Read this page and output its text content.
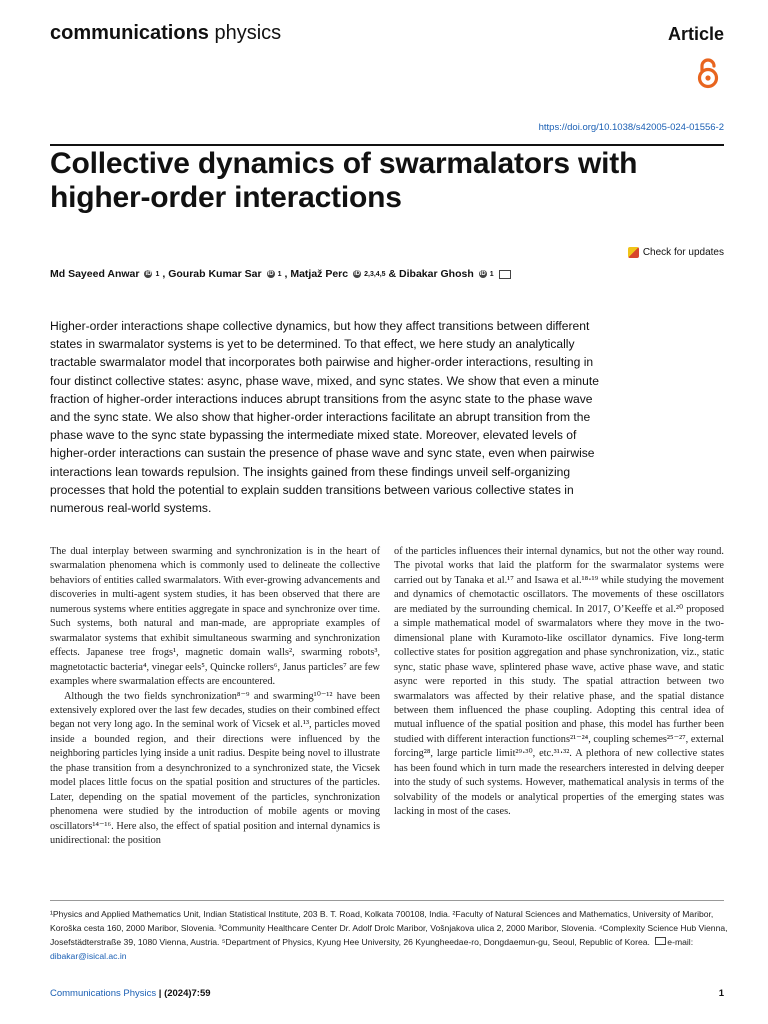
communications physics	Article
https://doi.org/10.1038/s42005-024-01556-2
Collective dynamics of swarmalators with
higher-order interactions
Check for updates
Md Sayeed Anwar iD 1 , Gourab Kumar Sar iD 1 , Matjaž Perc iD 2,3,4,5 & Dibakar Ghosh iD 1

Higher-order interactions shape collective dynamics, but how they affect transitions between different states in swarmalator systems is yet to be determined. To that effect, we here study an analytically tractable swarmalator model that incorporates both pairwise and higher-order interactions, resulting in four distinct collective states: async, phase wave, mixed, and sync states. We show that even a minute fraction of higher-order interactions induces abrupt transitions from the async state to the phase wave and the sync state. We also show that higher-order interactions facilitate an abrupt transition from the phase wave to the sync state bypassing the intermediate mixed state. Moreover, elevated levels of higher-order interactions can sustain the presence of phase wave and sync state, even when pairwise interactions lean towards repulsion. The insights gained from these findings unveil self-organizing processes that hold the potential to explain sudden transitions between various collective states in numerous real-world systems.

The dual interplay between swarming and synchronization is in the heart of swarmalation phenomena which is commonly used to delineate the collective behaviors of entities called swarmalators. With ever-growing advancements and discoveries in multi-agent system studies, it has been observed that there are numerous systems where entities aggregate in space and synchronize over time. Such systems, both natural and man-made, are appropriate examples of swarmalator systems that exhibit simultaneous swarming and synchronization effects. Japanese tree frogs¹, magnetic domain walls², swarming robots³, magnetotactic bacteria⁴, vinegar eels⁵, Quincke rollers⁶, Janus particles⁷ are few examples where swarmalation effects are encountered.

Although the two fields synchronization⁸⁻⁹ and swarming¹⁰⁻¹² have been extensively explored over the last few decades, studies on their combined effect began not very long ago. In the seminal work of Vicsek et al.¹³, particles moved inside a bounded region, and their directions were influenced by the neighboring particles lying inside a unit radius. Despite being novel to illustrate the phase transition from a desynchronized to a synchronized state, the Vicsek model places little focus on the spatial position and structures of the particles. Later, depending on the spatial movement of the particles, synchronization phenomena were studied by the introduction of mobile agents or moving oscillators¹⁴⁻¹⁶. Here also, the effect of spatial position and internal dynamics is unidirectional: the position

of the particles influences their internal dynamics, but not the other way round. The pivotal works that laid the platform for the swarmalator systems were carried out by Tanaka et al.¹⁷ and Isawa et al.¹⁸⋅¹⁹ while studying the movement and dynamics of chemotactic oscillators. The movements of these oscillators are mediated by the surrounding chemical. In 2017, O’Keeffe et al.²⁰ proposed a simple mathematical model of swarmalators where they move in the two-dimensional plane with Kuramoto-like oscillator dynamics. Five long-term collective states for position aggregation and phase synchronization, viz., static sync, static phase wave, splintered phase wave, active phase wave, and static async were reported in this study. The spatial attraction between two swarmalators was affected by their relative phase, and the spatial distance between them influenced the phase coupling. Adopting this central idea of mutual influence of the spatial position and phase, this model has further been studied with different interaction functions²¹⁻²⁴, coupling schemes²⁵⁻²⁷, external forcing²⁸, large particle limit²⁹⋅³⁰, etc.³¹⋅³². A plethora of new collective states has been found which in turn made the researchers interested in delving deeper into the study of such systems. However, mathematical analysis in terms of the solvability of the models or analytical properties of the emerging states was lacking in most of the cases.

¹Physics and Applied Mathematics Unit, Indian Statistical Institute, 203 B. T. Road, Kolkata 700108, India. ²Faculty of Natural Sciences and Mathematics, University of Maribor, Koroška cesta 160, 2000 Maribor, Slovenia. ³Community Healthcare Center Dr. Adolf Drolc Maribor, Vošnjakova ulica 2, 2000 Maribor, Slovenia. ⁴Complexity Science Hub Vienna, Josefstädterstraße 39, 1080 Vienna, Austria. ⁵Department of Physics, Kyung Hee University, 26 Kyungheedae-ro, Dongdaemun-gu, Seoul, Republic of Korea. e-mail: dibakar@isical.ac.in
Communications Physics | (2024)7:59	1
